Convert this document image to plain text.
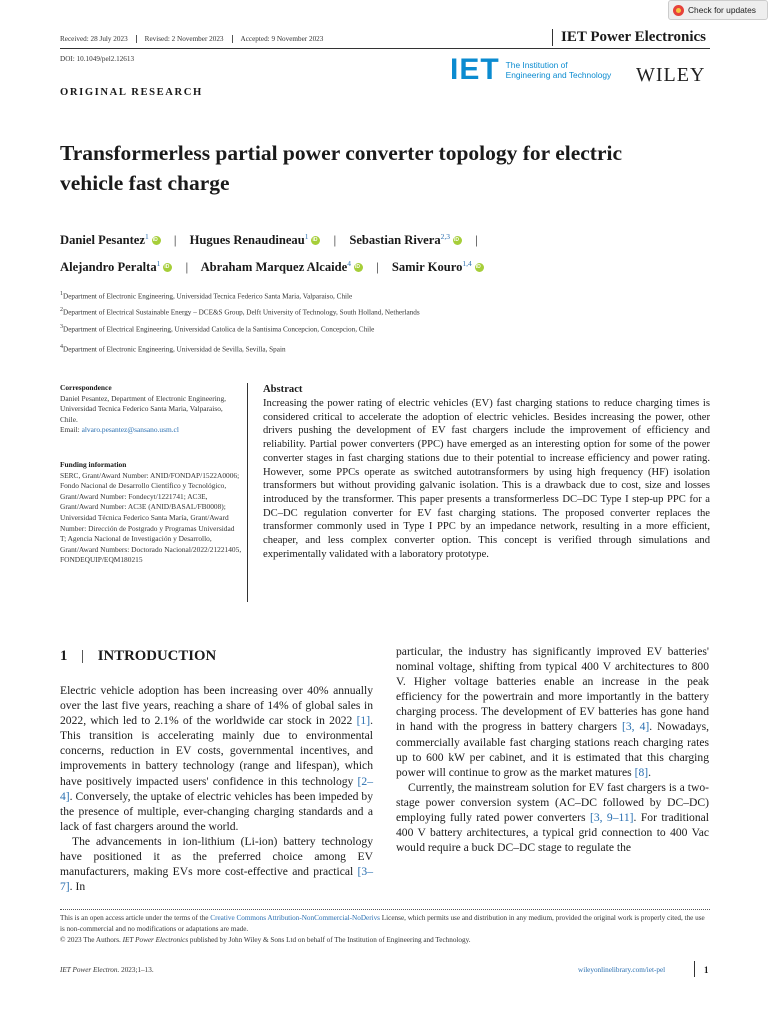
Check for updates
Received: 28 July 2023	Revised: 2 November 2023	Accepted: 9 November 2023	IET Power Electronics
DOI: 10.1049/pel2.12613	IET The Institution of
Engineering and Technology WILEY
ORIGINAL RESEARCH
Transformerless partial power converter topology for electric
vehicle fast charge
Daniel Pesantez$^1$ iD | Hugues Renaudineau$^1$ iD | Sebastian Rivera$^{2,3}$ iD |
Alejandro Peralta$^1$ iD | Abraham Marquez Alcaide$^4$ iD | Samir Kouro$^{1,4}$iD
$^1$Department of Electronic Engineering, Universidad Tecnica Federico Santa Maria, Valparaiso, Chile
$^2$Department of Electrical Sustainable Energy – DCE&S Group, Delft University of Technology, South Holland, Netherlands
$^3$Department of Electrical Engineering, Universidad Catolica de la Santisima Concepcion, Concepcion, Chile
$^4$Department of Electronic Engineering, Universidad de Sevilla, Sevilla, Spain
Correspondence
Daniel Pesantez, Department of Electronic Engineering, Universidad Tecnica Federico Santa Maria, Valparaiso, Chile.
Email: alvaro.pesantez@sansano.usm.cl
Funding information
SERC, Grant/Award Number: ANID/FONDAP/1522A0006; Fondo Nacional de Desarrollo Científico y Tecnológico, Grant/Award Number: Fondecyt/1221741; AC3E, Grant/Award Number: AC3E (ANID/BASAL/FB0008); Universidad Técnica Federico Santa María, Grant/Award Number: Dirección de Postgrado y Programas Universidad T; Agencia Nacional de Investigación y Desarrollo, Grant/Award Numbers: Doctorado Nacional/2022/21221405, FONDEQUIP/EQM180215
Abstract
Increasing the power rating of electric vehicles (EV) fast charging stations to reduce charging times is considered critical to accelerate the adoption of electric vehicles. Besides increasing the power, other drivers pushing the development of EV fast chargers include the improvement of efficiency and reliability. Partial power converters (PPC) have emerged as an interesting option for some of the power converter stages in fast charging stations due to their potential to increase efficiency and power rating. However, some PPCs operate as switched autotransformers by using high frequency (HF) isolation transformers but without providing galvanic isolation. This is a drawback due to cost, size and losses introduced by the transformer. This paper presents a transformerless DC–DC Type I step-up PPC for a DC–DC regulation converter for EV fast charging stations. The proposed converter replaces the transformer commonly used in Type I PPC by an impedance network, resulting in a more efficient, cheaper, and less complex converter option. This concept is verified through simulations and experimentally validated with a laboratory prototype.
1 | INTRODUCTION
Electric vehicle adoption has been increasing over 40% annually over the last five years, reaching a share of 14% of global sales in 2022, which led to 2.1% of the worldwide car stock in 2022 [1]. This transition is accelerating mainly due to environmental concerns, reduction in EV costs, governmental incentives, and improvements in battery technology (range and lifespan), which have positively impacted users' confidence in this technology [2–4]. Conversely, the uptake of electric vehicles has been impeded by the presence of multiple, ever-changing charging standards and a lack of fast chargers around the world.
The advancements in ion-lithium (Li-ion) battery technology have positioned it as the preferred choice among EV manufacturers, making EVs more cost-effective and practical [3–7]. In
particular, the industry has significantly improved EV batteries' nominal voltage, shifting from typical 400 V architectures to 800 V. Higher voltage batteries enable an increase in the peak efficiency for the powertrain and more importantly in the battery charging process. The development of EV batteries has gone hand in hand with the progress in battery chargers [3, 4]. Nowadays, commercially available fast charging stations reach charging rates up to 600 kW per cabinet, and it is estimated that this charging power will continue to grow as the market matures [8].
Currently, the mainstream solution for EV fast chargers is a two-stage power conversion system (AC–DC followed by DC–DC) employing fully rated power converters [3, 9–11]. For traditional 400 V battery architectures, a typical grid connection to 400 Vac would require a buck DC–DC stage to regulate the
This is an open access article under the terms of the Creative Commons Attribution-NonCommercial-NoDerivs License, which permits use and distribution in any medium, provided the original work is properly cited, the use is non-commercial and no modifications or adaptations are made.
© 2023 The Authors. IET Power Electronics published by John Wiley & Sons Ltd on behalf of The Institution of Engineering and Technology.
IET Power Electron. 2023;1–13.	wileyonlinelibrary.com/iet-pel	1
